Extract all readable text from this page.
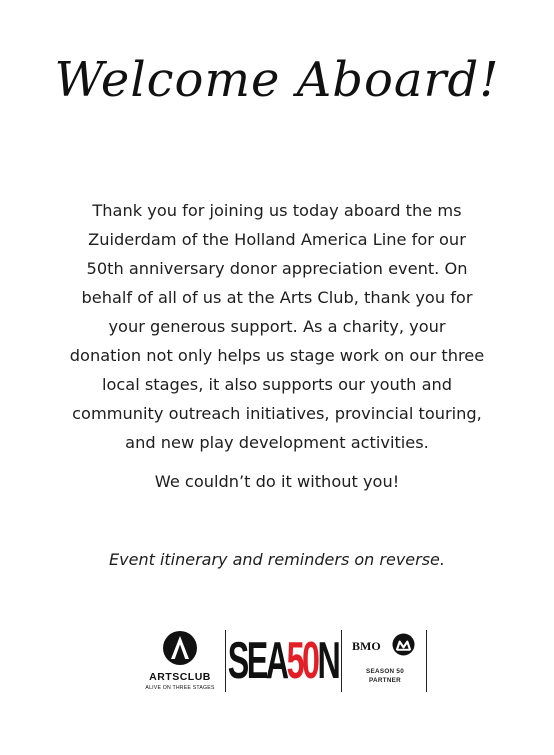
Welcome Aboard!
Thank you for joining us today aboard the ms
Zuiderdam of the Holland America Line for our
50th anniversary donor appreciation event. On
behalf of all of us at the Arts Club, thank you for
your generous support. As a charity, your
donation not only helps us stage work on our three
local stages, it also supports our youth and
community outreach initiatives, provincial touring,
and new play development activities.
We couldn’t do it without you!
Event itinerary and reminders on reverse.
ARTSCLUB
ALIVE ON THREE STAGES SEA 50 N BMO
SEASON 50
PARTNER
